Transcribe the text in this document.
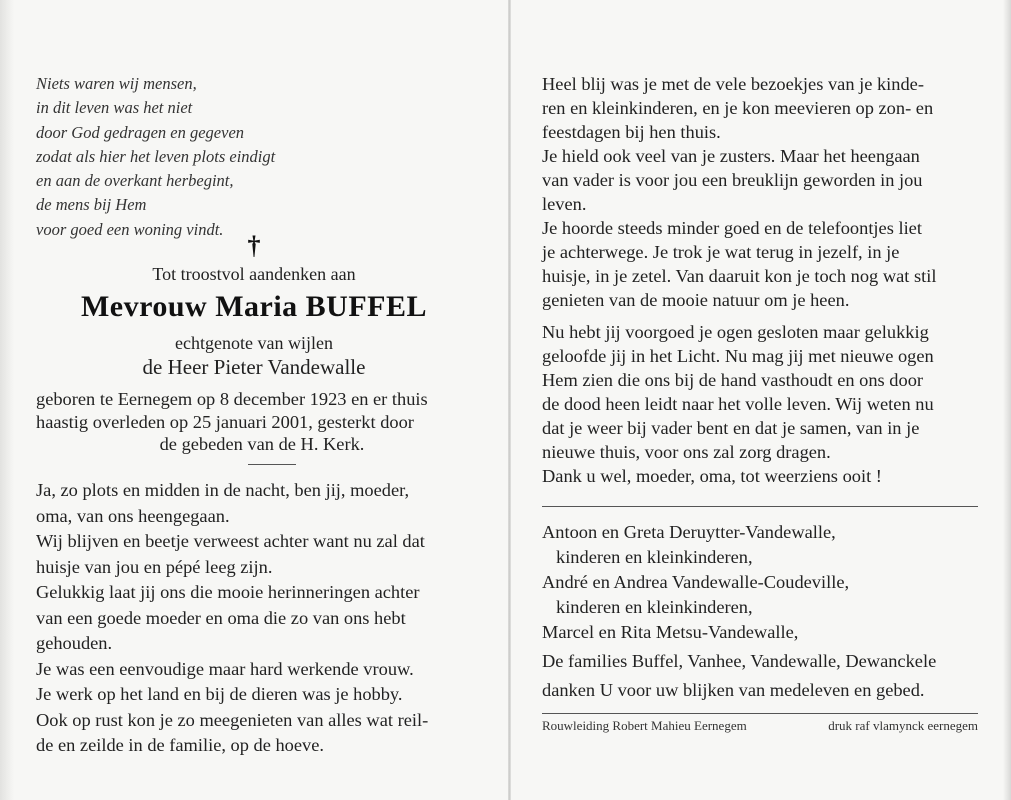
Niets waren wij mensen,
in dit leven was het niet
door God gedragen en gegeven
zodat als hier het leven plots eindigt
en aan de overkant herbegint,
de mens bij Hem
voor goed een woning vindt.
†
Tot troostvol aandenken aan
Mevrouw Maria BUFFEL
echtgenote van wijlen
de Heer Pieter Vandewalle
geboren te Eernegem op 8 december 1923 en er thuis
haastig overleden op 25 januari 2001, gesterkt door
de gebeden van de H. Kerk.
Ja, zo plots en midden in de nacht, ben jij, moeder,
oma, van ons heengegaan.
Wij blijven en beetje verweest achter want nu zal dat
huisje van jou en pépé leeg zijn.
Gelukkig laat jij ons die mooie herinneringen achter
van een goede moeder en oma die zo van ons hebt
gehouden.
Je was een eenvoudige maar hard werkende vrouw.
Je werk op het land en bij de dieren was je hobby.
Ook op rust kon je zo meegenieten van alles wat reil-
de en zeilde in de familie, op de hoeve.
Heel blij was je met de vele bezoekjes van je kinde-
ren en kleinkinderen, en je kon meevieren op zon- en
feestdagen bij hen thuis.
Je hield ook veel van je zusters. Maar het heengaan
van vader is voor jou een breuklijn geworden in jou
leven.
Je hoorde steeds minder goed en de telefoontjes liet
je achterwege. Je trok je wat terug in jezelf, in je
huisje, in je zetel. Van daaruit kon je toch nog wat stil
genieten van de mooie natuur om je heen.
Nu hebt jij voorgoed je ogen gesloten maar gelukkig
geloofde jij in het Licht. Nu mag jij met nieuwe ogen
Hem zien die ons bij de hand vasthoudt en ons door
de dood heen leidt naar het volle leven. Wij weten nu
dat je weer bij vader bent en dat je samen, van in je
nieuwe thuis, voor ons zal zorg dragen.
Dank u wel, moeder, oma, tot weerziens ooit !
Antoon en Greta Deruytter-Vandewalle,
kinderen en kleinkinderen,
André en Andrea Vandewalle-Coudeville,
kinderen en kleinkinderen,
Marcel en Rita Metsu-Vandewalle,
De families Buffel, Vanhee, Vandewalle, Dewanckele
danken U voor uw blijken van medeleven en gebed.
Rouwleiding Robert Mahieu Eernegem	druk raf vlamynck eernegem
